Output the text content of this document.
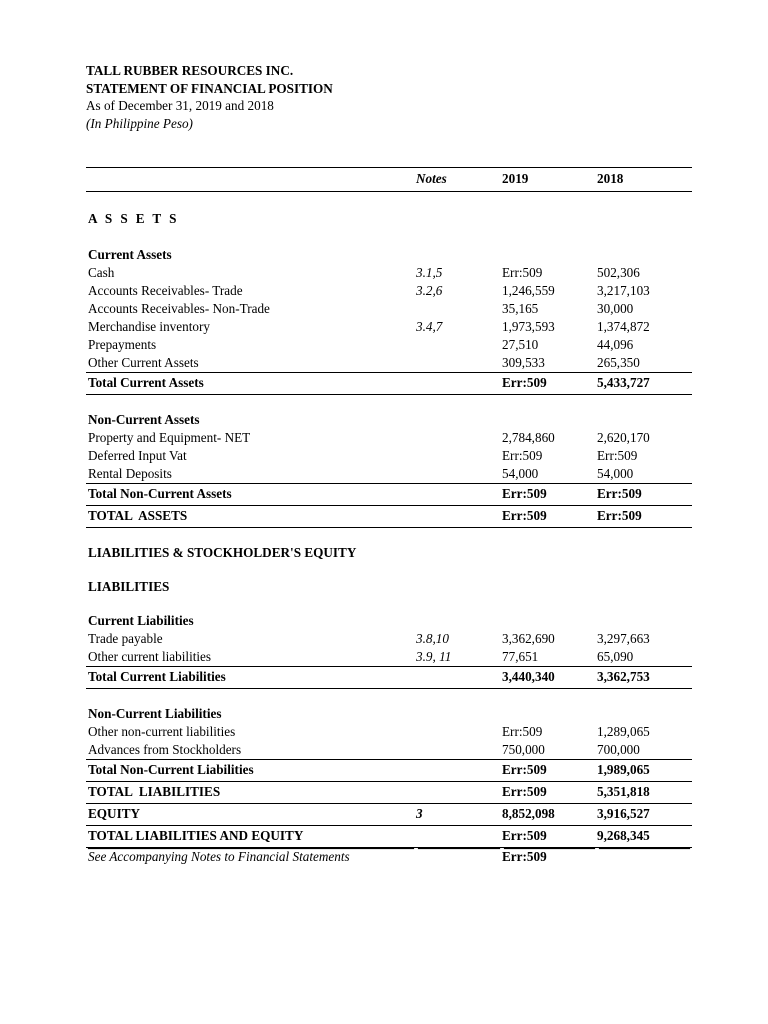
TALL RUBBER RESOURCES INC.
STATEMENT OF FINANCIAL POSITION
As of December 31, 2019 and 2018
(In Philippine Peso)
	Notes	2019	2018
A S S E T S			
Current Assets			
Cash	3.1,5	Err:509	502,306
Accounts Receivables- Trade	3.2,6	1,246,559	3,217,103
Accounts Receivables- Non-Trade		35,165	30,000
Merchandise inventory	3.4,7	1,973,593	1,374,872
Prepayments		27,510	44,096
Other Current Assets		309,533	265,350
Total Current Assets		Err:509	5,433,727
Non-Current Assets			
Property and Equipment- NET		2,784,860	2,620,170
Deferred Input Vat		Err:509	Err:509
Rental Deposits		54,000	54,000
Total Non-Current Assets		Err:509	Err:509
TOTAL  ASSETS		Err:509	Err:509
LIABILITIES & STOCKHOLDER'S EQUITY			
LIABILITIES			
Current Liabilities			
Trade payable	3.8,10	3,362,690	3,297,663
Other current liabilities	3.9, 11	77,651	65,090
Total Current Liabilities		3,440,340	3,362,753
Non-Current Liabilities			
Other non-current liabilities		Err:509	1,289,065
Advances from Stockholders		750,000	700,000
Total Non-Current Liabilities		Err:509	1,989,065
TOTAL  LIABILITIES		Err:509	5,351,818
EQUITY	3	8,852,098	3,916,527
TOTAL LIABILITIES AND EQUITY		Err:509	9,268,345
See Accompanying Notes to Financial Statements		Err:509	
